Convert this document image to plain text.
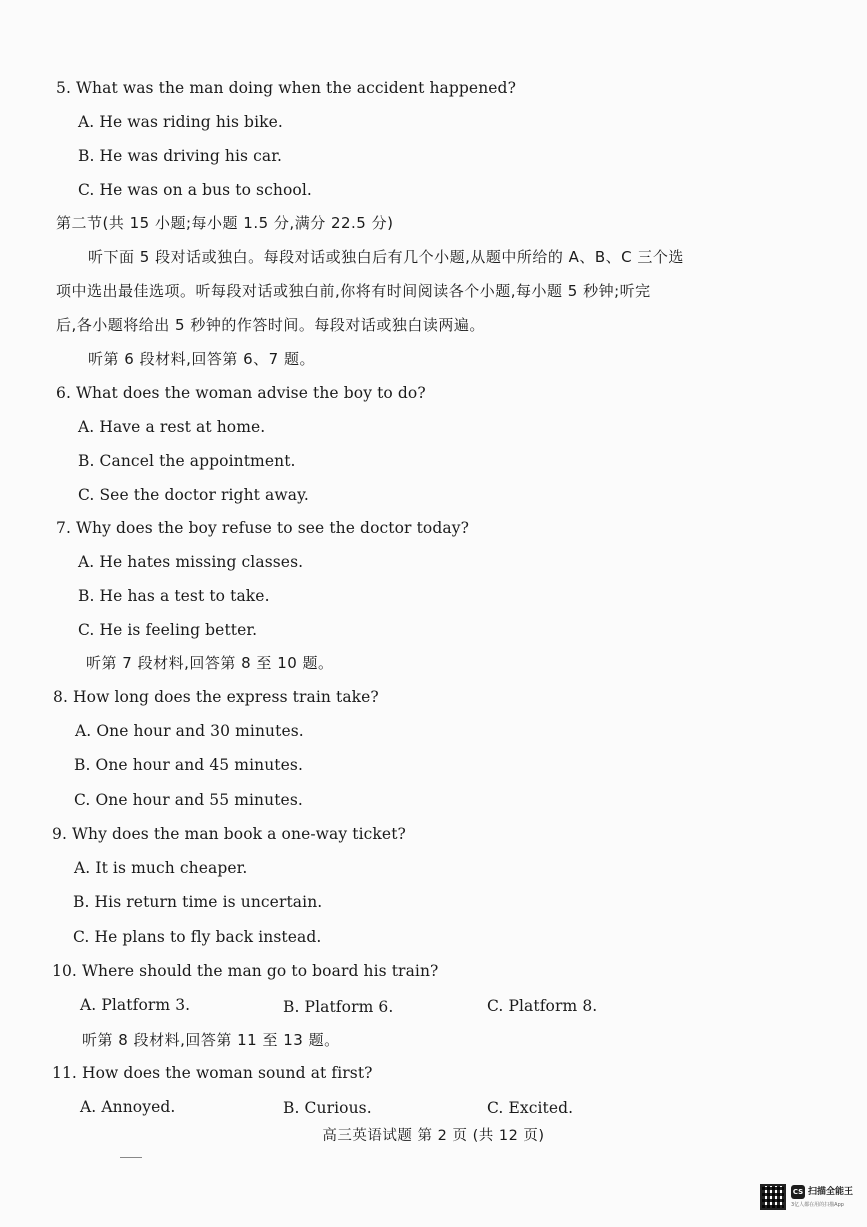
5. What was the man doing when the accident happened?
A. He was riding his bike.
B. He was driving his car.
C. He was on a bus to school.
第二节(共 15 小题;每小题 1.5 分,满分 22.5 分)
听下面 5 段对话或独白。每段对话或独白后有几个小题,从题中所给的 A、B、C 三个选
项中选出最佳选项。听每段对话或独白前,你将有时间阅读各个小题,每小题 5 秒钟;听完
后,各小题将给出 5 秒钟的作答时间。每段对话或独白读两遍。
听第 6 段材料,回答第 6、7 题。
6. What does the woman advise the boy to do?
A. Have a rest at home.
B. Cancel the appointment.
C. See the doctor right away.
7. Why does the boy refuse to see the doctor today?
A. He hates missing classes.
B. He has a test to take.
C. He is feeling better.
听第 7 段材料,回答第 8 至 10 题。
8. How long does the express train take?
A. One hour and 30 minutes.
B. One hour and 45 minutes.
C. One hour and 55 minutes.
9. Why does the man book a one-way ticket?
A. It is much cheaper.
B. His return time is uncertain.
C. He plans to fly back instead.
10. Where should the man go to board his train?
A. Platform 3.	B. Platform 6.	C. Platform 8.
听第 8 段材料,回答第 11 至 13 题。
11. How does the woman sound at first?
A. Annoyed.	B. Curious.	C. Excited.
高三英语试题 第 2 页 (共 12 页)
CS 扫描全能王
3亿人都在用的扫描App
